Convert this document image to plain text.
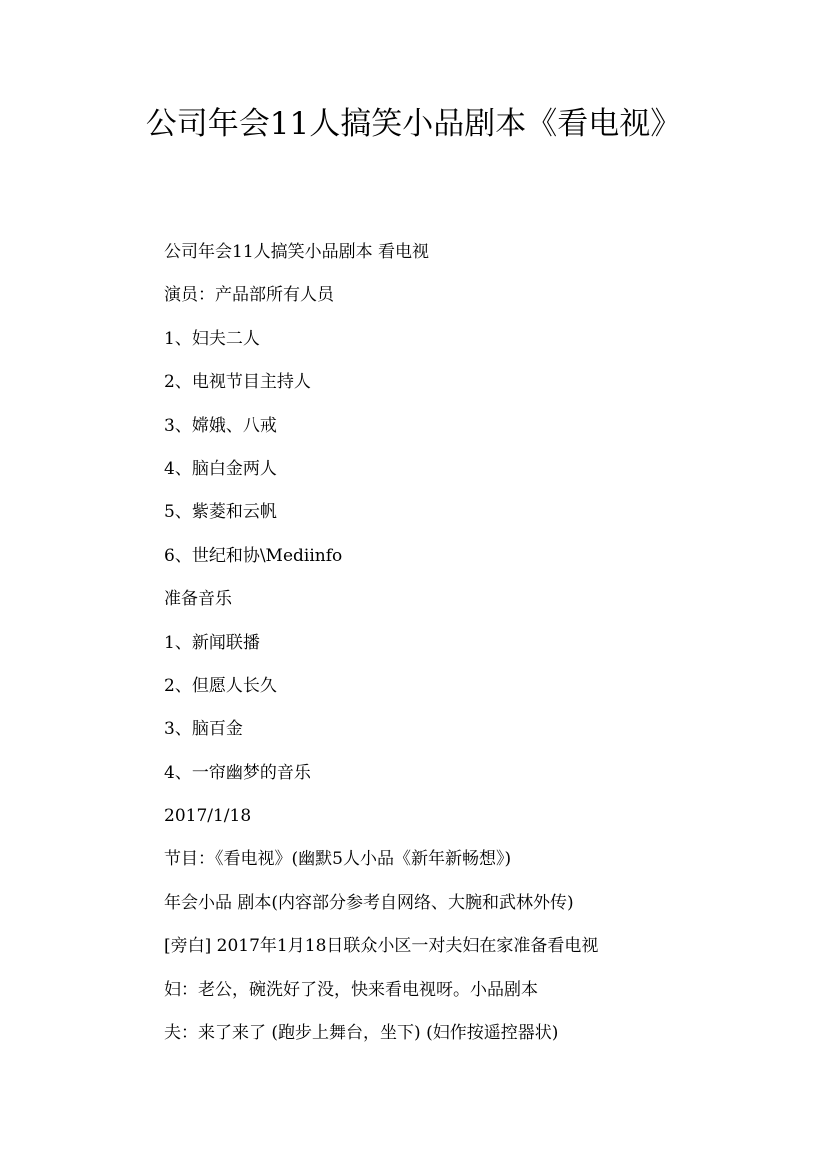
公司年会11人搞笑小品剧本《看电视》
公司年会11人搞笑小品剧本 看电视
演员：产品部所有人员
1、妇夫二人
2、电视节目主持人
3、嫦娥、八戒
4、脑白金两人
5、紫菱和云帆
6、世纪和协\Mediinfo
准备音乐
1、新闻联播
2、但愿人长久
3、脑百金
4、一帘幽梦的音乐
2017/1/18
节目：《看电视》(幽默5人小品《新年新畅想》)
年会小品 剧本(内容部分参考自网络、大腕和武林外传)
[旁白] 2017年1月18日联众小区一对夫妇在家准备看电视
妇：老公，碗洗好了没，快来看电视呀。小品剧本
夫：来了来了 (跑步上舞台，坐下) (妇作按遥控器状)
